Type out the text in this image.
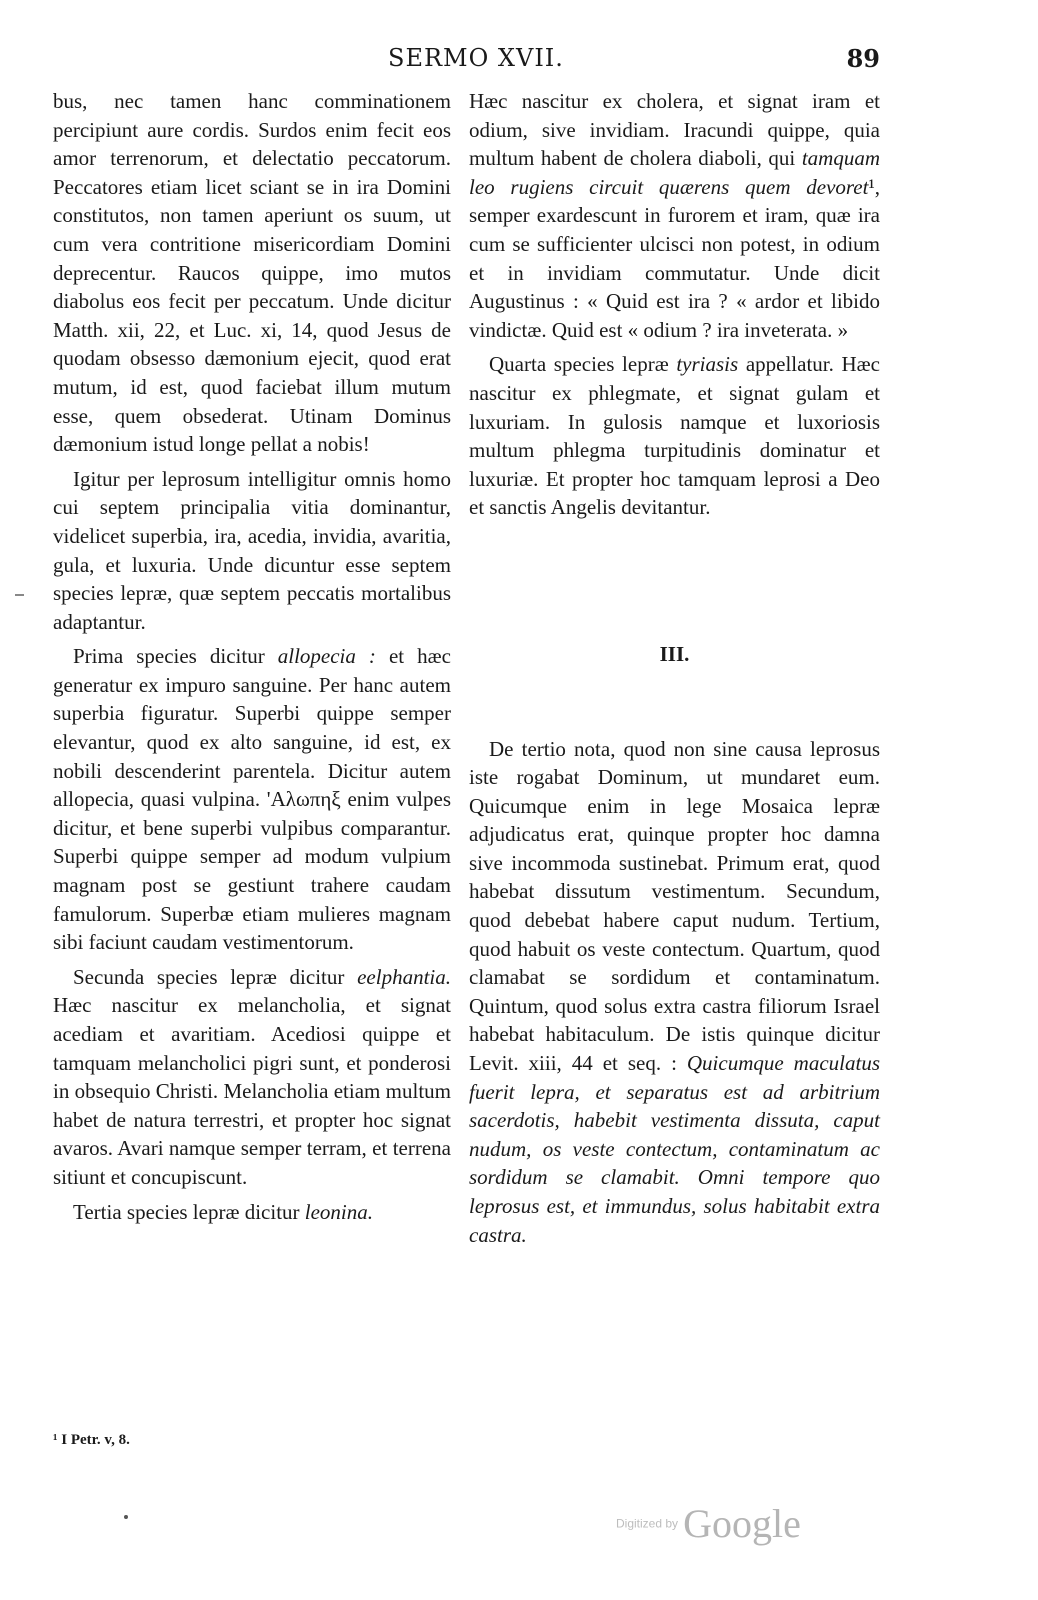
SERMO XVII.	89

bus, nec tamen hanc comminationem percipiunt aure cordis. Surdos enim fecit eos amor terrenorum, et delectatio peccatorum. Peccatores etiam licet sciant se in ira Domini constitutos, non tamen aperiunt os suum, ut cum vera contritione misericordiam Domini deprecentur. Raucos quippe, imo mutos diabolus eos fecit per peccatum. Unde dicitur Matth. xii, 22, et Luc. xi, 14, quod Jesus de quodam obsesso dæmonium ejecit, quod erat mutum, id est, quod faciebat illum mutum esse, quem obsederat. Utinam Dominus dæmonium istud longe pellat a nobis!

Igitur per leprosum intelligitur omnis homo cui septem principalia vitia dominantur, videlicet superbia, ira, acedia, invidia, avaritia, gula, et luxuria. Unde dicuntur esse septem species lepræ, quæ septem peccatis mortalibus adaptantur.

Prima species dicitur allopecia : et hæc generatur ex impuro sanguine. Per hanc autem superbia figuratur. Superbi quippe semper elevantur, quod ex alto sanguine, id est, ex nobili descenderint parentela. Dicitur autem allopecia, quasi vulpina. 'Αλωπηξ enim vulpes dicitur, et bene superbi vulpibus comparantur. Superbi quippe semper ad modum vulpium magnam post se gestiunt trahere caudam famulorum. Superbæ etiam mulieres magnam sibi faciunt caudam vestimentorum.

Secunda species lepræ dicitur eelphantia. Hæc nascitur ex melancholia, et signat acediam et avaritiam. Acediosi quippe et tamquam melancholici pigri sunt, et ponderosi in obsequio Christi. Melancholia etiam multum habet de natura terrestri, et propter hoc signat avaros. Avari namque semper terram, et terrena sitiunt et concupiscunt.

Tertia species lepræ dicitur leonina.

Hæc nascitur ex cholera, et signat iram et odium, sive invidiam. Iracundi quippe, quia multum habent de cholera diaboli, qui tamquam leo rugiens circuit quærens quem devoret¹, semper exardescunt in furorem et iram, quæ ira cum se sufficienter ulcisci non potest, in odium et in invidiam commutatur. Unde dicit Augustinus : « Quid est ira ? « ardor et libido vindictæ. Quid est « odium ? ira inveterata. »

Quarta species lepræ tyriasis appellatur. Hæc nascitur ex phlegmate, et signat gulam et luxuriam. In gulosis namque et luxoriosis multum phlegma turpitudinis dominatur et luxuriæ. Et propter hoc tamquam leprosi a Deo et sanctis Angelis devitantur.

III.

De tertio nota, quod non sine causa leprosus iste rogabat Dominum, ut mundaret eum. Quicumque enim in lege Mosaica lepræ adjudicatus erat, quinque propter hoc damna sive incommoda sustinebat. Primum erat, quod habebat dissutum vestimentum. Secundum, quod debebat habere caput nudum. Tertium, quod habuit os veste contectum. Quartum, quod clamabat se sordidum et contaminatum. Quintum, quod solus extra castra filiorum Israel habebat habitaculum. De istis quinque dicitur Levit. xiii, 44 et seq. : Quicumque maculatus fuerit lepra, et separatus est ad arbitrium sacerdotis, habebit vestimenta dissuta, caput nudum, os veste contectum, contaminatum ac sordidum se clamabit. Omni tempore quo leprosus est, et immundus, solus habitabit extra castra.

¹ I Petr. v, 8.
Digitized by Google
